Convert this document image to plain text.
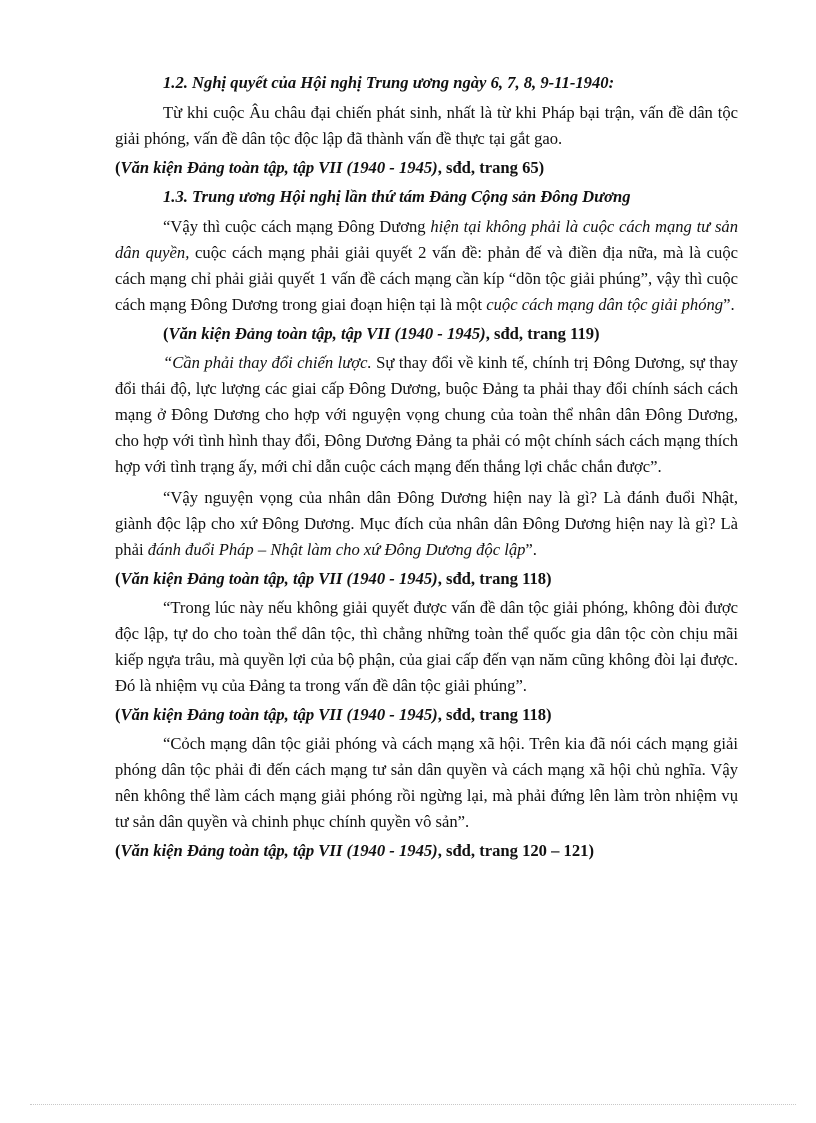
1.2. Nghị quyết của Hội nghị Trung ương ngày 6, 7, 8, 9-11-1940:

Từ khi cuộc Âu châu đại chiến phát sinh, nhất là từ khi Pháp bại trận, vấn đề dân tộc giải phóng, vấn đề dân tộc độc lập đã thành vấn đề thực tại gắt gao.

(Văn kiện Đảng toàn tập, tập VII (1940 - 1945), sđd, trang 65)

1.3. Trung ương Hội nghị lần thứ tám Đảng Cộng sản Đông Dương

“Vậy thì cuộc cách mạng Đông Dương hiện tại không phải là cuộc cách mạng tư sản dân quyền, cuộc cách mạng phải giải quyết 2 vấn đề: phản đế và điền địa nữa, mà là cuộc cách mạng chỉ phải giải quyết 1 vấn đề cách mạng cần kíp “dõn tộc giải phúng”, vậy thì cuộc cách mạng Đông Dương trong giai đoạn hiện tại là một cuộc cách mạng dân tộc giải phóng”.

(Văn kiện Đảng toàn tập, tập VII (1940 - 1945), sđd, trang 119)

“Cần phải thay đổi chiến lược. Sự thay đổi về kinh tế, chính trị Đông Dương, sự thay đổi thái độ, lực lượng các giai cấp Đông Dương, buộc Đảng ta phải thay đổi chính sách cách mạng ở Đông Dương cho hợp với nguyện vọng chung của toàn thể nhân dân Đông Dương, cho hợp với tình hình thay đổi, Đông Dương Đảng ta phải có một chính sách cách mạng thích hợp với tình trạng ấy, mới chỉ dẫn cuộc cách mạng đến thắng lợi chắc chắn được”.

“Vậy nguyện vọng của nhân dân Đông Dương hiện nay là gì? Là đánh đuổi Nhật, giành độc lập cho xứ Đông Dương. Mục đích của nhân dân Đông Dương hiện nay là gì? Là phải đánh đuổi Pháp – Nhật làm cho xứ Đông Dương độc lập”.

(Văn kiện Đảng toàn tập, tập VII (1940 - 1945), sđd, trang 118)

“Trong lúc này nếu không giải quyết được vấn đề dân tộc giải phóng, không đòi được độc lập, tự do cho toàn thể dân tộc, thì chẳng những toàn thể quốc gia dân tộc còn chịu mãi kiếp ngựa trâu, mà quyền lợi của bộ phận, của giai cấp đến vạn năm cũng không đòi lại được. Đó là nhiệm vụ của Đảng ta trong vấn đề dân tộc giải phúng”.

(Văn kiện Đảng toàn tập, tập VII (1940 - 1945), sđd, trang 118)

“Cỏch mạng dân tộc giải phóng và cách mạng xã hội. Trên kia đã nói cách mạng giải phóng dân tộc phải đi đến cách mạng tư sản dân quyền và cách mạng xã hội chủ nghĩa. Vậy nên không thể làm cách mạng giải phóng rồi ngừng lại, mà phải đứng lên làm tròn nhiệm vụ tư sản dân quyền và chinh phục chính quyền vô sản”.

(Văn kiện Đảng toàn tập, tập VII (1940 - 1945), sđd, trang 120 – 121)
